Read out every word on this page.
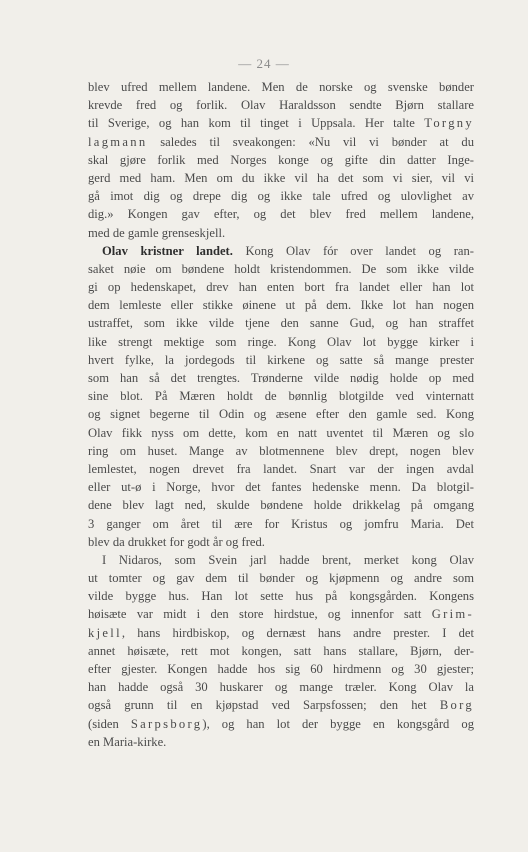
— 24 —
blev ufred mellem landene. Men de norske og svenske bønder
krevde fred og forlik. Olav Haraldsson sendte Bjørn stallare
til Sverige, og han kom til tinget i Uppsala. Her talte Torgny
lagmann saledes til sveakongen: «Nu vil vi bønder at du
skal gjøre forlik med Norges konge og gifte din datter Inge-
gerd med ham. Men om du ikke vil ha det som vi sier, vil vi
gå imot dig og drepe dig og ikke tale ufred og ulovlighet av
dig.» Kongen gav efter, og det blev fred mellem landene,
med de gamle grenseskjell.
Olav kristner landet. Kong Olav fór over landet og ran-
saket nøie om bøndene holdt kristendommen. De som ikke vilde
gi op hedenskapet, drev han enten bort fra landet eller han lot
dem lemleste eller stikke øinene ut på dem. Ikke lot han nogen
ustraffet, som ikke vilde tjene den sanne Gud, og han straffet
like strengt mektige som ringe. Kong Olav lot bygge kirker i
hvert fylke, la jordegods til kirkene og satte så mange prester
som han så det trengtes. Trønderne vilde nødig holde op med
sine blot. På Mæren holdt de bønnlig blotgilde ved vinternatt
og signet begerne til Odin og æsene efter den gamle sed. Kong
Olav fikk nyss om dette, kom en natt uventet til Mæren og slo
ring om huset. Mange av blotmennene blev drept, nogen blev
lemlestet, nogen drevet fra landet. Snart var der ingen avdal
eller ut-ø i Norge, hvor det fantes hedenske menn. Da blotgil-
dene blev lagt ned, skulde bøndene holde drikkelag på omgang
3 ganger om året til ære for Kristus og jomfru Maria. Det
blev da drukket for godt år og fred.
I Nidaros, som Svein jarl hadde brent, merket kong Olav
ut tomter og gav dem til bønder og kjøpmenn og andre som
vilde bygge hus. Han lot sette hus på kongsgården. Kongens
høisæte var midt i den store hirdstue, og innenfor satt Grim-
kjell, hans hirdbiskop, og dernæst hans andre prester. I det
annet høisæte, rett mot kongen, satt hans stallare, Bjørn, der-
efter gjester. Kongen hadde hos sig 60 hirdmenn og 30 gjester;
han hadde også 30 huskarer og mange træler. Kong Olav la
også grunn til en kjøpstad ved Sarpsfossen; den het Borg
(siden Sarpsborg), og han lot der bygge en kongsgård og
en Maria-kirke.
